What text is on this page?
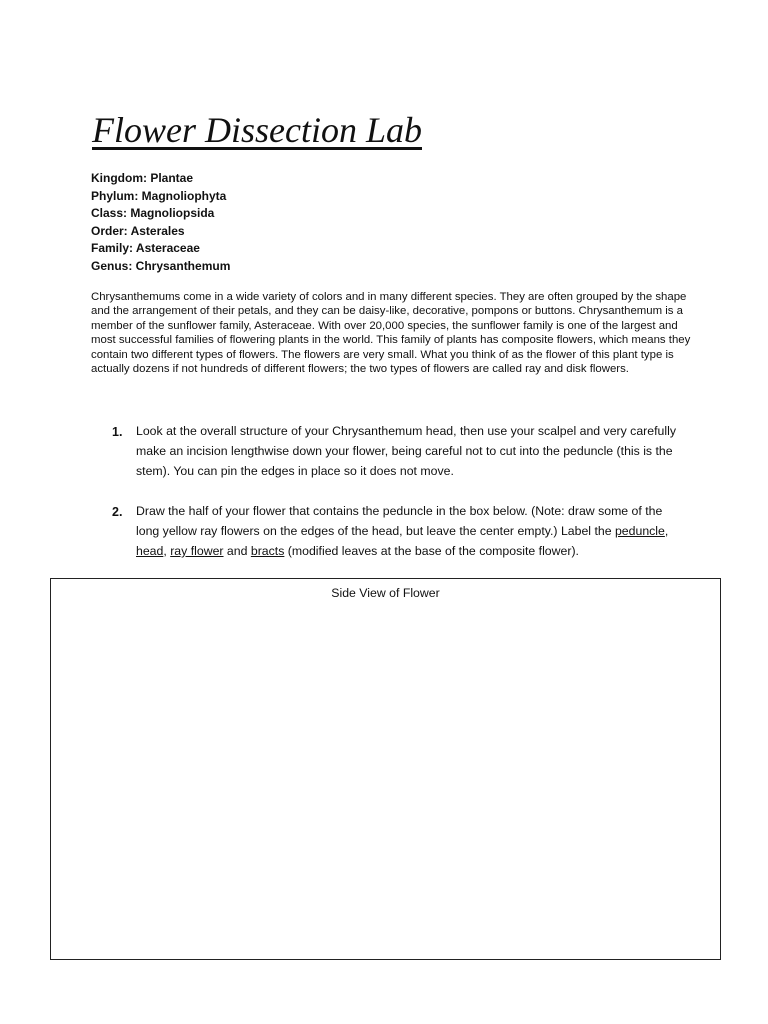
Flower Dissection Lab
Kingdom: Plantae
Phylum: Magnoliophyta
Class: Magnoliopsida
Order: Asterales
Family: Asteraceae
Genus: Chrysanthemum

Chrysanthemums come in a wide variety of colors and in many different species. They are often grouped by the shape and the arrangement of their petals, and they can be daisy-like, decorative, pompons or buttons. Chrysanthemum is a member of the sunflower family, Asteraceae. With over 20,000 species, the sunflower family is one of the largest and most successful families of flowering plants in the world. This family of plants has composite flowers, which means they contain two different types of flowers. The flowers are very small. What you think of as the flower of this plant type is actually dozens if not hundreds of different flowers; the two types of flowers are called ray and disk flowers.

1. Look at the overall structure of your Chrysanthemum head, then use your scalpel and very carefully make an incision lengthwise down your flower, being careful not to cut into the peduncle (this is the stem). You can pin the edges in place so it does not move.
2. Draw the half of your flower that contains the peduncle in the box below. (Note: draw some of the long yellow ray flowers on the edges of the head, but leave the center empty.) Label the peduncle, head, ray flower and bracts (modified leaves at the base of the composite flower).
Side View of Flower
